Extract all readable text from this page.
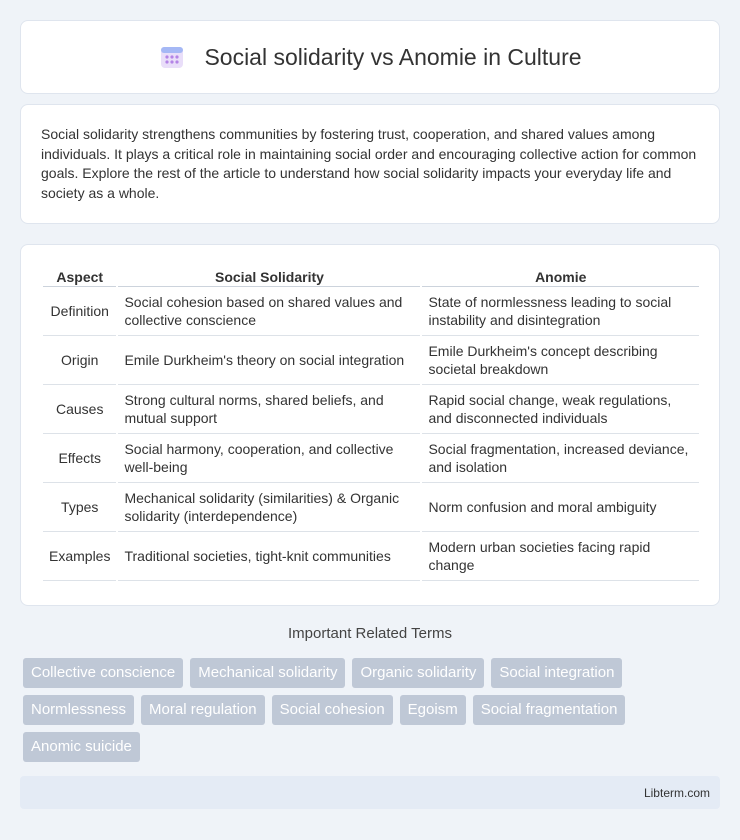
Social solidarity vs Anomie in Culture

Social solidarity strengthens communities by fostering trust, cooperation, and shared values among individuals. It plays a critical role in maintaining social order and encouraging collective action for common goals. Explore the rest of the article to understand how social solidarity impacts your everyday life and society as a whole.

Aspect	Social Solidarity	Anomie
Definition	Social cohesion based on shared values and collective conscience	State of normlessness leading to social instability and disintegration
Origin	Emile Durkheim's theory on social integration	Emile Durkheim's concept describing societal breakdown
Causes	Strong cultural norms, shared beliefs, and mutual support	Rapid social change, weak regulations, and disconnected individuals
Effects	Social harmony, cooperation, and collective well-being	Social fragmentation, increased deviance, and isolation
Types	Mechanical solidarity (similarities) & Organic solidarity (interdependence)	Norm confusion and moral ambiguity
Examples	Traditional societies, tight-knit communities	Modern urban societies facing rapid change
Important Related Terms
Collective conscience	Mechanical solidarity	Organic solidarity	Social integration
Normlessness	Moral regulation	Social cohesion	Egoism	Social fragmentation
Anomic suicide
Libterm.com
